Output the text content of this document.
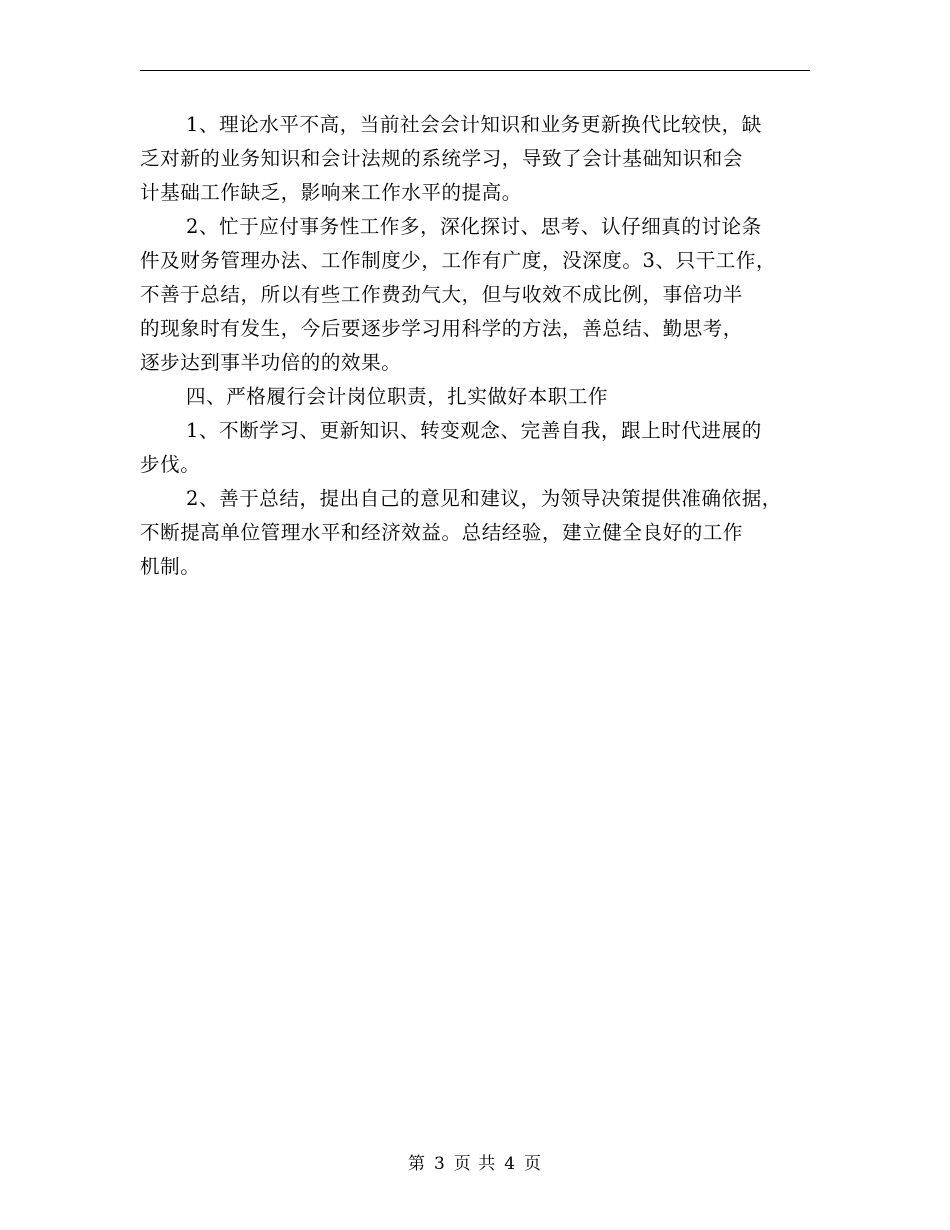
1、理论水平不高，当前社会会计知识和业务更新换代比较快，缺
乏对新的业务知识和会计法规的系统学习，导致了会计基础知识和会
计基础工作缺乏，影响来工作水平的提高。
2、忙于应付事务性工作多，深化探讨、思考、认仔细真的讨论条
件及财务管理办法、工作制度少，工作有广度，没深度。3、只干工作，
不善于总结，所以有些工作费劲气大，但与收效不成比例，事倍功半
的现象时有发生，今后要逐步学习用科学的方法，善总结、勤思考，
逐步达到事半功倍的的效果。
四、严格履行会计岗位职责，扎实做好本职工作
1、不断学习、更新知识、转变观念、完善自我，跟上时代进展的
步伐。
2、善于总结，提出自己的意见和建议，为领导决策提供准确依据，
不断提高单位管理水平和经济效益。总结经验，建立健全良好的工作
机制。
第 3 页 共 4 页
